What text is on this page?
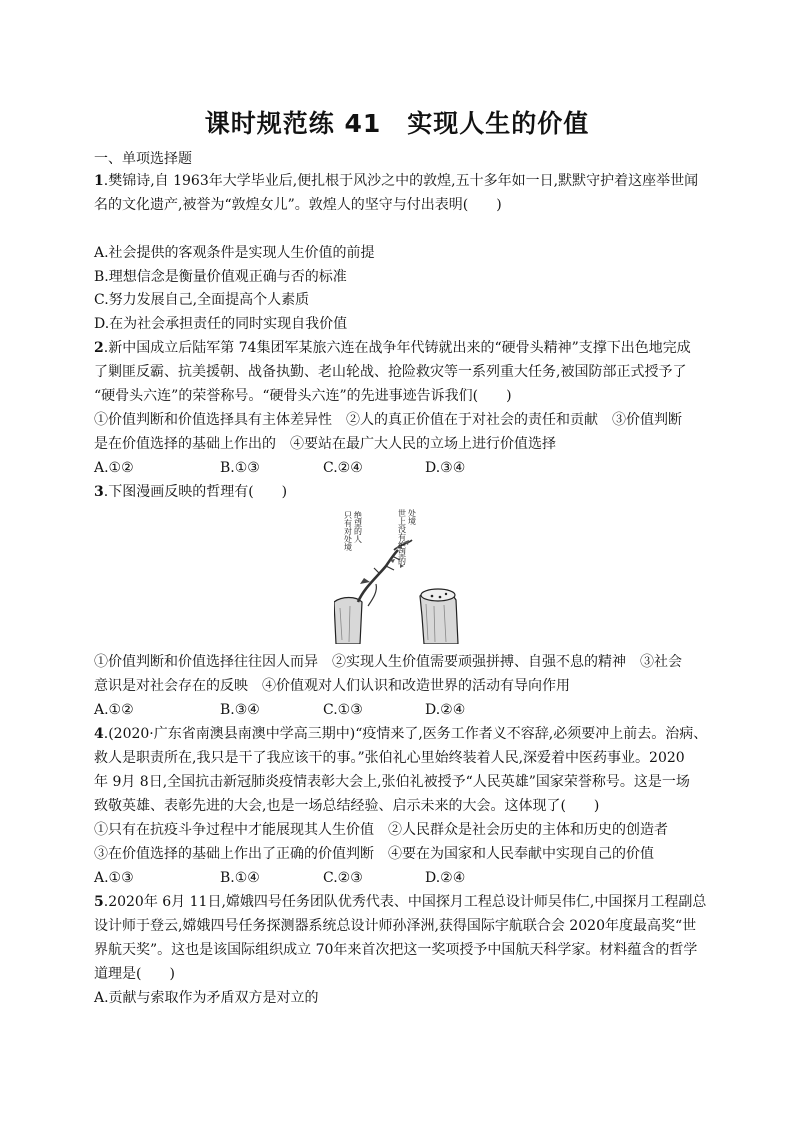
课时规范练 41　实现人生的价值
一、单项选择题
1.樊锦诗,自 1963年大学毕业后,便扎根于风沙之中的敦煌,五十多年如一日,默默守护着这座举世闻
名的文化遗产,被誉为“敦煌女儿”。敦煌人的坚守与付出表明(　　)
A.社会提供的客观条件是实现人生价值的前提
B.理想信念是衡量价值观正确与否的标准
C.努力发展自己,全面提高个人素质
D.在为社会承担责任的同时实现自我价值
2.新中国成立后陆军第 74集团军某旅六连在战争年代铸就出来的“硬骨头精神”支撑下出色地完成
了剿匪反霸、抗美援朝、战备执勤、老山轮战、抢险救灾等一系列重大任务,被国防部正式授予了
“硬骨头六连”的荣誉称号。“硬骨头六连”的先进事迹告诉我们(　　)
①价值判断和价值选择具有主体差异性　②人的真正价值在于对社会的责任和贡献　③价值判断
是在价值选择的基础上作出的　④要站在最广大人民的立场上进行价值选择
A.①②	B.①③	C.②④	D.③④
3.下图漫画反映的哲理有(　　)
世上没有绝望的处境
只有对处境绝望的人
①价值判断和价值选择往往因人而异　②实现人生价值需要顽强拼搏、自强不息的精神　③社会
意识是对社会存在的反映　④价值观对人们认识和改造世界的活动有导向作用
A.①②	B.③④	C.①③	D.②④
4.(2020·广东省南澳县南澳中学高三期中)“疫情来了,医务工作者义不容辞,必须要冲上前去。治病、
救人是职责所在,我只是干了我应该干的事。”张伯礼心里始终装着人民,深爱着中医药事业。2020
年 9月 8日,全国抗击新冠肺炎疫情表彰大会上,张伯礼被授予“人民英雄”国家荣誉称号。这是一场
致敬英雄、表彰先进的大会,也是一场总结经验、启示未来的大会。这体现了(　　)
①只有在抗疫斗争过程中才能展现其人生价值　②人民群众是社会历史的主体和历史的创造者
③在价值选择的基础上作出了正确的价值判断　④要在为国家和人民奉献中实现自己的价值
A.①③	B.①④	C.②③	D.②④
5.2020年 6月 11日,嫦娥四号任务团队优秀代表、中国探月工程总设计师吴伟仁,中国探月工程副总
设计师于登云,嫦娥四号任务探测器系统总设计师孙泽洲,获得国际宇航联合会 2020年度最高奖“世
界航天奖”。这也是该国际组织成立 70年来首次把这一奖项授予中国航天科学家。材料蕴含的哲学
道理是(　　)
A.贡献与索取作为矛盾双方是对立的
